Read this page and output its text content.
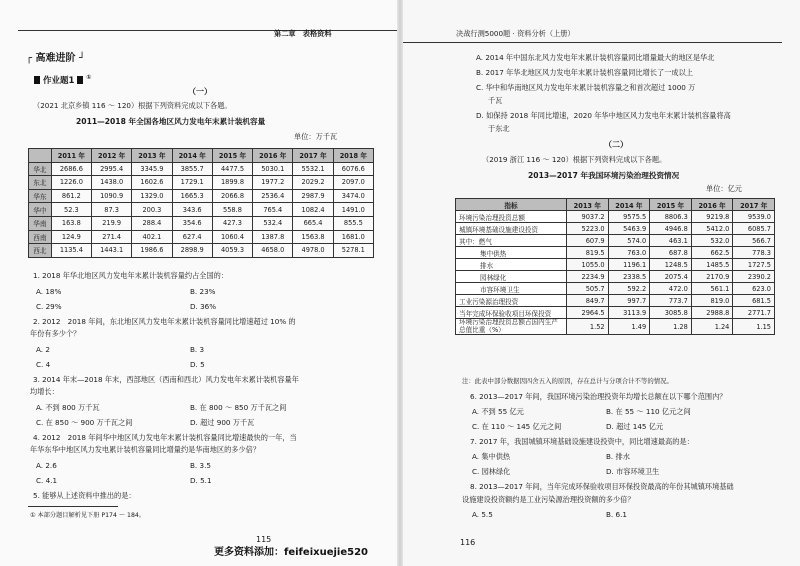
┌ 高难进阶 ┘
作业题1 ①
（一）
（2021 北京乡镇 116 ～ 120）根据下列资料完成以下各题。
2011—2018 年全国各地区风力发电年末累计装机容量
单位：万千瓦
	2011 年	2012 年	2013 年	2014 年	2015 年	2016 年	2017 年	2018 年
华北	2686.6	2995.4	3345.9	3855.7	4477.5	5030.1	5532.1	6076.6
东北	1226.0	1438.0	1602.6	1729.1	1899.8	1977.2	2029.2	2097.0
华东	861.2	1090.9	1329.0	1665.3	2066.8	2536.4	2987.9	3474.0
华中	52.3	87.3	200.3	343.6	558.8	765.4	1082.4	1491.0
华南	163.8	219.9	288.4	354.6	427.3	532.4	665.4	855.5
西南	124.9	271.4	402.1	627.4	1060.4	1387.8	1563.8	1681.0
西北	1135.4	1443.1	1986.6	2898.9	4059.3	4658.0	4978.0	5278.1
1. 2018 年华北地区风力发电年末累计装机容量约占全国的：
A. 18%	B. 23%
C. 29%	D. 36%
2. 2012　2018 年间，东北地区风力发电年末累计装机容量同比增速超过 10% 的
年份有多少个？
A. 2	B. 3
C. 4	D. 5
3. 2014 年末—2018 年末，西部地区（西南和西北）风力发电年末累计装机容量年
均增长：
A. 不到 800 万千瓦	B. 在 800 ～ 850 万千瓦之间
C. 在 850 ～ 900 万千瓦之间	D. 超过 900 万千瓦
4. 2012　2018 年间华中地区风力发电年末累计装机容量同比增速最快的一年，当
年华东华中地区风力发电累计装机容量同比增量约是华南地区的多少倍？
A. 2.6	B. 3.5
C. 4.1	D. 5.1
5. 能够从上述资料中推出的是：
① 本部分题目解析见下册 P174 ～ 184。
115
更多资料添加：feifeixuejie520
第二章　表格资料	决战行测5000题 · 资料分析（上册）
A. 2014 年中国东北风力发电年末累计装机容量同比增量最大的地区是华北
B. 2017 年华北地区风力发电年末累计装机容量同比增长了一成以上
C. 华中和华南地区风力发电年末累计装机容量之和首次超过 1000 万
千瓦
D. 如保持 2018 年同比增速，2020 年华中地区风力发电年末累计装机容量将高
于东北
（二）
（2019 浙江 116 ～ 120）根据下列资料完成以下各题。
2013—2017 年我国环境污染治理投资情况
单位：亿元
指标	2013 年	2014 年	2015 年	2016 年	2017 年
环境污染治理投资总额	9037.2	9575.5	8806.3	9219.8	9539.0
城镇环境基础设施建设投资	5223.0	5463.9	4946.8	5412.0	6085.7
其中：燃气	607.9	574.0	463.1	532.0	566.7
集中供热	819.5	763.0	687.8	662.5	778.3
排水	1055.0	1196.1	1248.5	1485.5	1727.5
园林绿化	2234.9	2338.5	2075.4	2170.9	2390.2
市容环境卫生	505.7	592.2	472.0	561.1	623.0
工业污染源治理投资	849.7	997.7	773.7	819.0	681.5
当年完成环保验收项目环保投资	2964.5	3113.9	3085.8	2988.8	2771.7
环境污染治理投资总额占国内生产总值比重（%）	1.52	1.49	1.28	1.24	1.15
注：此表中部分数据因四舍五入的原因，存在总计与分项合计不等的情况。
6. 2013—2017 年间，我国环境污染治理投资年均增长总额在以下哪个范围内？
A. 不到 55 亿元	B. 在 55 ～ 110 亿元之间
C. 在 110 ～ 145 亿元之间	D. 超过 145 亿元
7. 2017 年，我国城镇环境基础设施建设投资中，同比增速最高的是：
A. 集中供热	B. 排水
C. 园林绿化	D. 市容环境卫生
8. 2013—2017 年间，当年完成环保验收项目环保投资最高的年份其城镇环境基础
设施建设投资额约是工业污染源治理投资额的多少倍？
A. 5.5	B. 6.1
116
